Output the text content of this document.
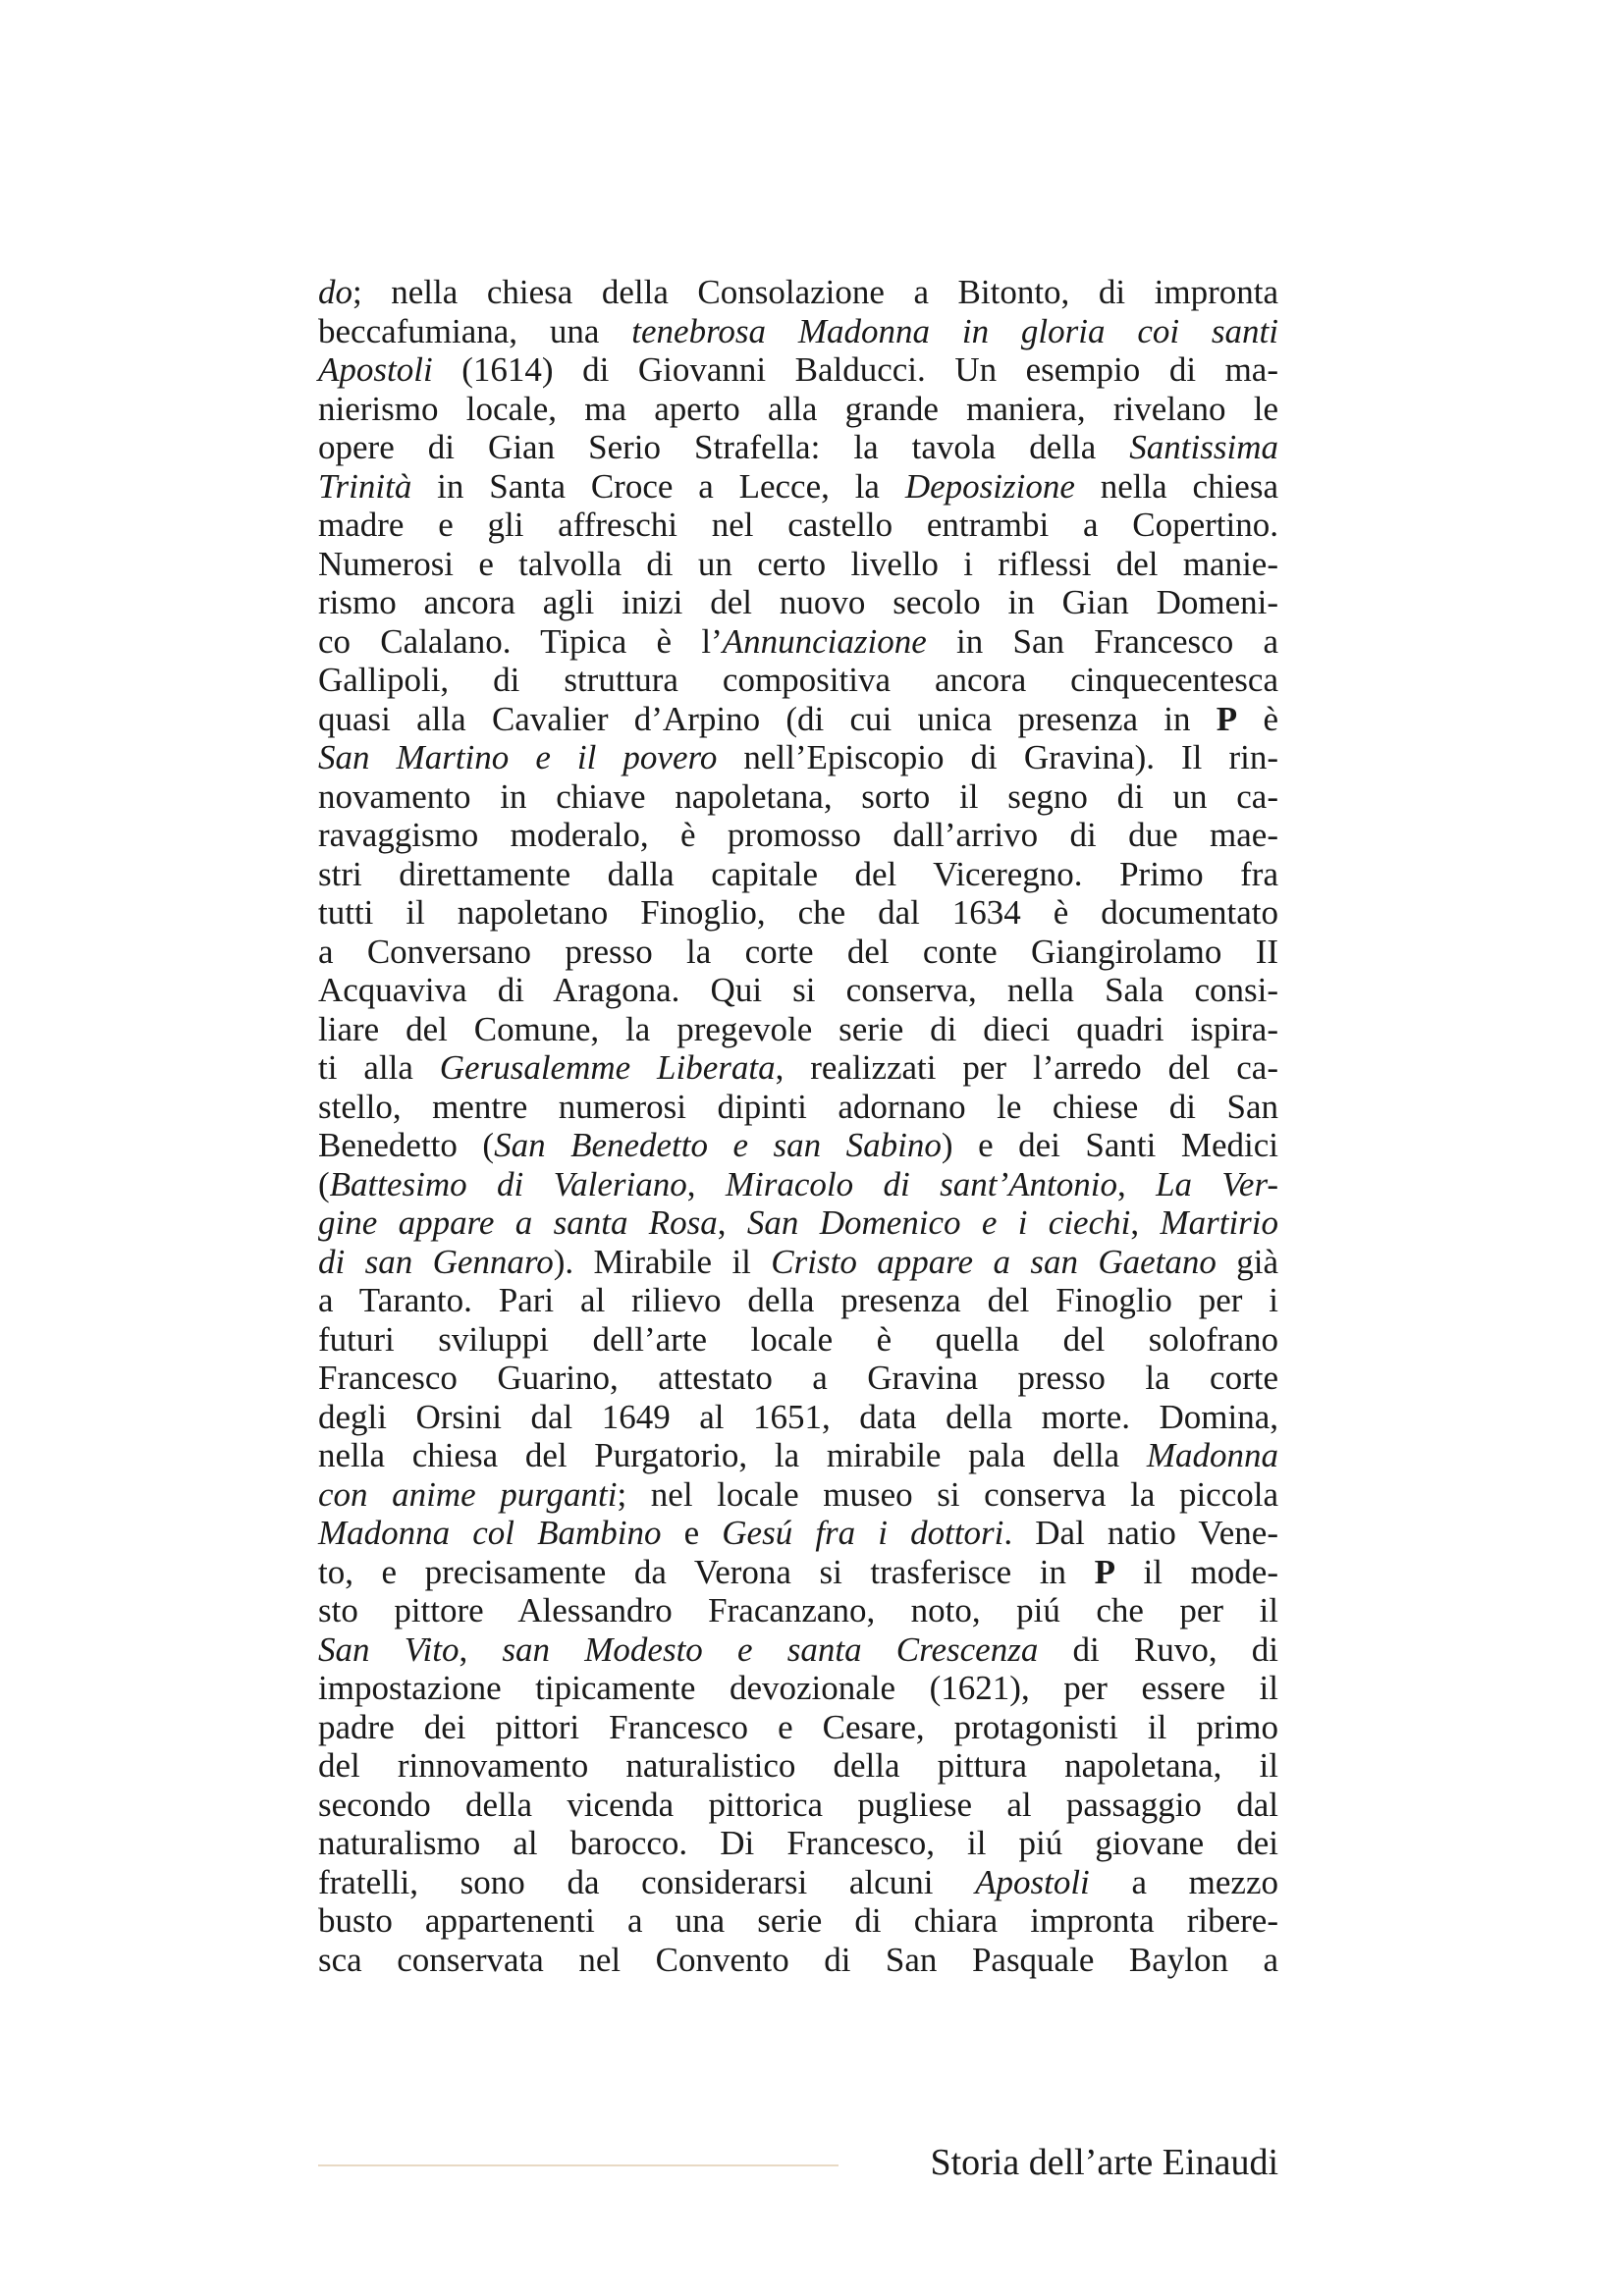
do; nella chiesa della Consolazione a Bitonto, di impronta
beccafumiana, una tenebrosa Madonna in gloria coi santi
Apostoli (1614) di Giovanni Balducci. Un esempio di ma-
nierismo locale, ma aperto alla grande maniera, rivelano le
opere di Gian Serio Strafella: la tavola della Santissima
Trinità in Santa Croce a Lecce, la Deposizione nella chiesa
madre e gli affreschi nel castello entrambi a Copertino.
Numerosi e talvolla di un certo livello i riflessi del manie-
rismo ancora agli inizi del nuovo secolo in Gian Domeni-
co Calalano. Tipica è l’Annunciazione in San Francesco a
Gallipoli, di struttura compositiva ancora cinquecentesca
quasi alla Cavalier d’Arpino (di cui unica presenza in P è
San Martino e il povero nell’Episcopio di Gravina). Il rin-
novamento in chiave napoletana, sorto il segno di un ca-
ravaggismo moderalo, è promosso dall’arrivo di due mae-
stri direttamente dalla capitale del Viceregno. Primo fra
tutti il napoletano Finoglio, che dal 1634 è documentato
a Conversano presso la corte del conte Giangirolamo II
Acquaviva di Aragona. Qui si conserva, nella Sala consi-
liare del Comune, la pregevole serie di dieci quadri ispira-
ti alla Gerusalemme Liberata, realizzati per l’arredo del ca-
stello, mentre numerosi dipinti adornano le chiese di San
Benedetto (San Benedetto e san Sabino) e dei Santi Medici
(Battesimo di Valeriano, Miracolo di sant’Antonio, La Ver-
gine appare a santa Rosa, San Domenico e i ciechi, Martirio
di san Gennaro). Mirabile il Cristo appare a san Gaetano già
a Taranto. Pari al rilievo della presenza del Finoglio per i
futuri sviluppi dell’arte locale è quella del solofrano
Francesco Guarino, attestato a Gravina presso la corte
degli Orsini dal 1649 al 1651, data della morte. Domina,
nella chiesa del Purgatorio, la mirabile pala della Madonna
con anime purganti; nel locale museo si conserva la piccola
Madonna col Bambino e Gesú fra i dottori. Dal natio Vene-
to, e precisamente da Verona si trasferisce in P il mode-
sto pittore Alessandro Fracanzano, noto, piú che per il
San Vito, san Modesto e santa Crescenza di Ruvo, di
impostazione tipicamente devozionale (1621), per essere il
padre dei pittori Francesco e Cesare, protagonisti il primo
del rinnovamento naturalistico della pittura napoletana, il
secondo della vicenda pittorica pugliese al passaggio dal
naturalismo al barocco. Di Francesco, il piú giovane dei
fratelli, sono da considerarsi alcuni Apostoli a mezzo
busto appartenenti a una serie di chiara impronta ribere-
sca conservata nel Convento di San Pasquale Baylon a
Storia dell’arte Einaudi
